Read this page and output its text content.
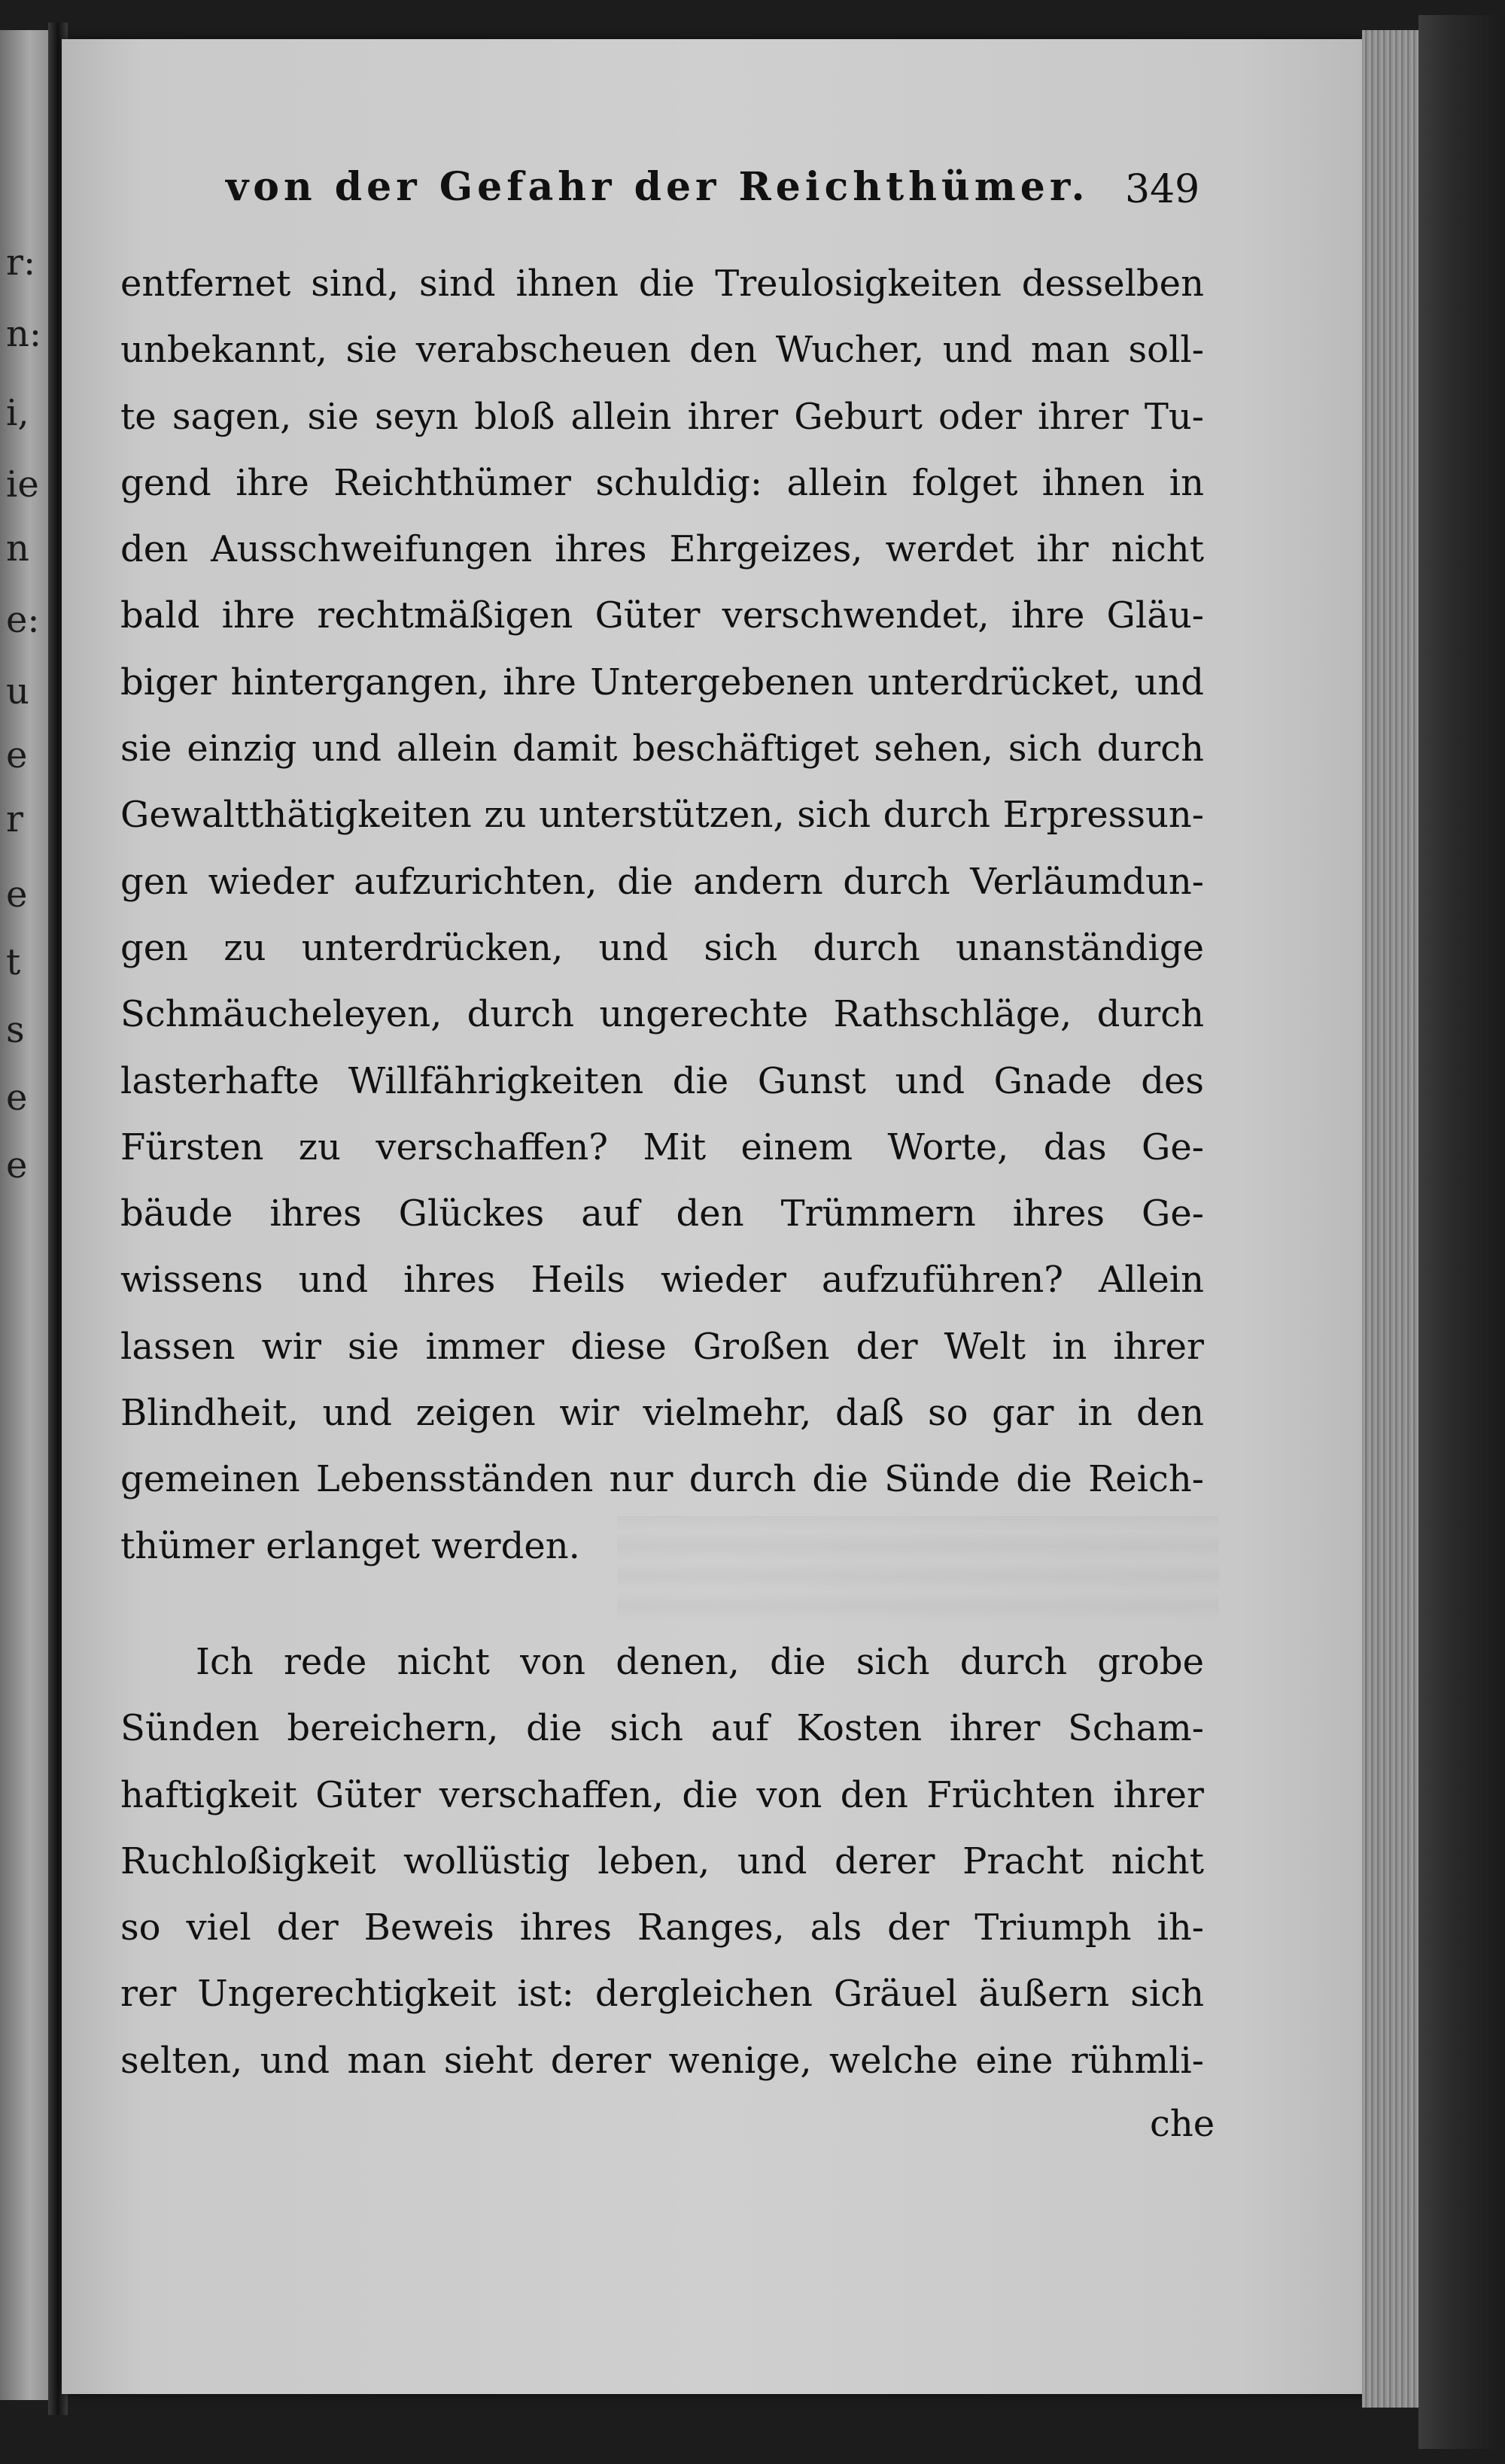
r:
n:
i,
ie
n
e:
u
e
r
e
t
s
e
e
von der Gefahr der Reichthümer. 349
entfernet sind, sind ihnen die Treulosigkeiten desselben
unbekannt, sie verabscheuen den Wucher, und man soll-
te sagen, sie seyn bloß allein ihrer Geburt oder ihrer Tu-
gend ihre Reichthümer schuldig: allein folget ihnen in
den Ausschweifungen ihres Ehrgeizes, werdet ihr nicht
bald ihre rechtmäßigen Güter verschwendet, ihre Gläu-
biger hintergangen, ihre Untergebenen unterdrücket, und
sie einzig und allein damit beschäftiget sehen, sich durch
Gewaltthätigkeiten zu unterstützen, sich durch Erpressun-
gen wieder aufzurichten, die andern durch Verläumdun-
gen zu unterdrücken, und sich durch unanständige
Schmäucheleyen, durch ungerechte Rathschläge, durch
lasterhafte Willfährigkeiten die Gunst und Gnade des
Fürsten zu verschaffen? Mit einem Worte, das Ge-
bäude ihres Glückes auf den Trümmern ihres Ge-
wissens und ihres Heils wieder aufzuführen? Allein
lassen wir sie immer diese Großen der Welt in ihrer
Blindheit, und zeigen wir vielmehr, daß so gar in den
gemeinen Lebensständen nur durch die Sünde die Reich-
thümer erlanget werden.
Ich rede nicht von denen, die sich durch grobe
Sünden bereichern, die sich auf Kosten ihrer Scham-
haftigkeit Güter verschaffen, die von den Früchten ihrer
Ruchloßigkeit wollüstig leben, und derer Pracht nicht
so viel der Beweis ihres Ranges, als der Triumph ih-
rer Ungerechtigkeit ist: dergleichen Gräuel äußern sich
selten, und man sieht derer wenige, welche eine rühmli-
che
